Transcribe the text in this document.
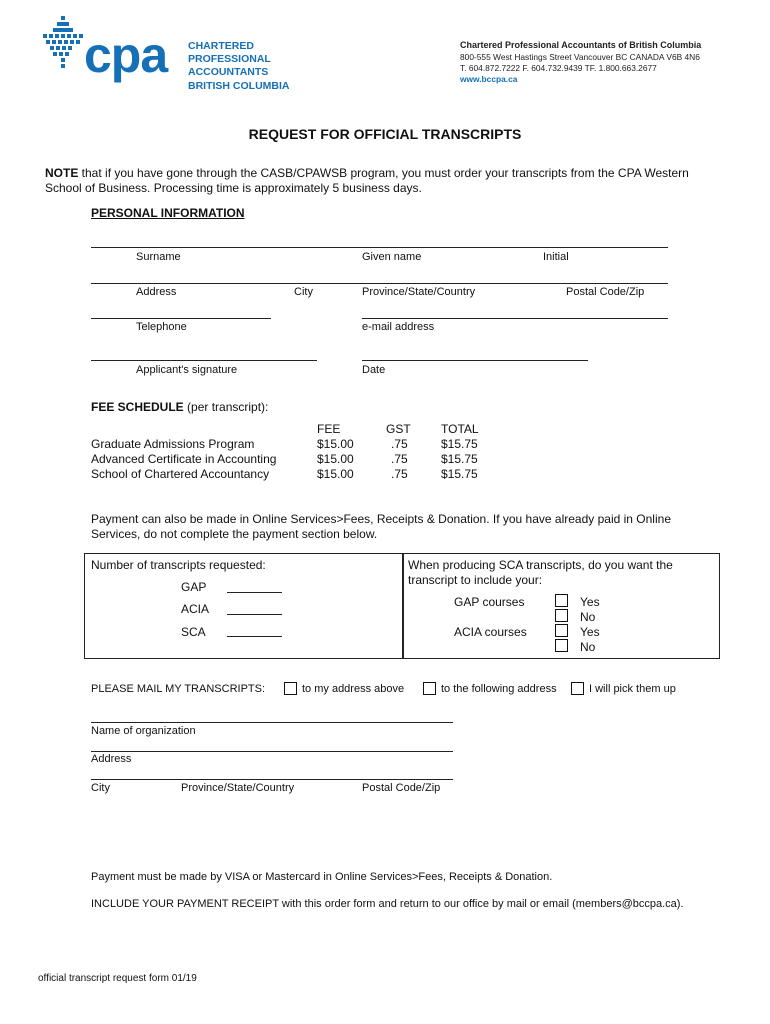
cpa CHARTERED
PROFESSIONAL
ACCOUNTANTS
BRITISH COLUMBIA
Chartered Professional Accountants of British Columbia
800-555 West Hastings Street Vancouver BC CANADA V6B 4N6
T. 604.872.7222 F. 604.732.9439 TF. 1.800.663.2677
www.bccpa.ca
REQUEST FOR OFFICIAL TRANSCRIPTS
NOTE that if you have gone through the CASB/CPAWSB program, you must order your transcripts from the CPA Western
School of Business. Processing time is approximately 5 business days.
PERSONAL INFORMATION
Surname	Given name	Initial
Address	City	Province/State/Country	Postal Code/Zip
Telephone	e-mail address
Applicant's signature	Date
FEE SCHEDULE (per transcript):
FEE	GST	TOTAL
Graduate Admissions Program	$15.00	.75	$15.75
Advanced Certificate in Accounting	$15.00	.75	$15.75
School of Chartered Accountancy	$15.00	.75	$15.75
Payment can also be made in Online Services>Fees, Receipts & Donation. If you have already paid in Online
Services, do not complete the payment section below.
Number of transcripts requested:
GAP
ACIA
SCA
When producing SCA transcripts, do you want the
transcript to include your:
GAP courses	Yes
No
ACIA courses	Yes
No
PLEASE MAIL MY TRANSCRIPTS:	to my address above	to the following address	I will pick them up
Name of organization
Address
City	Province/State/Country	Postal Code/Zip
Payment must be made by VISA or Mastercard in Online Services>Fees, Receipts & Donation.
INCLUDE YOUR PAYMENT RECEIPT with this order form and return to our office by mail or email (members@bccpa.ca).
official transcript request form 01/19
